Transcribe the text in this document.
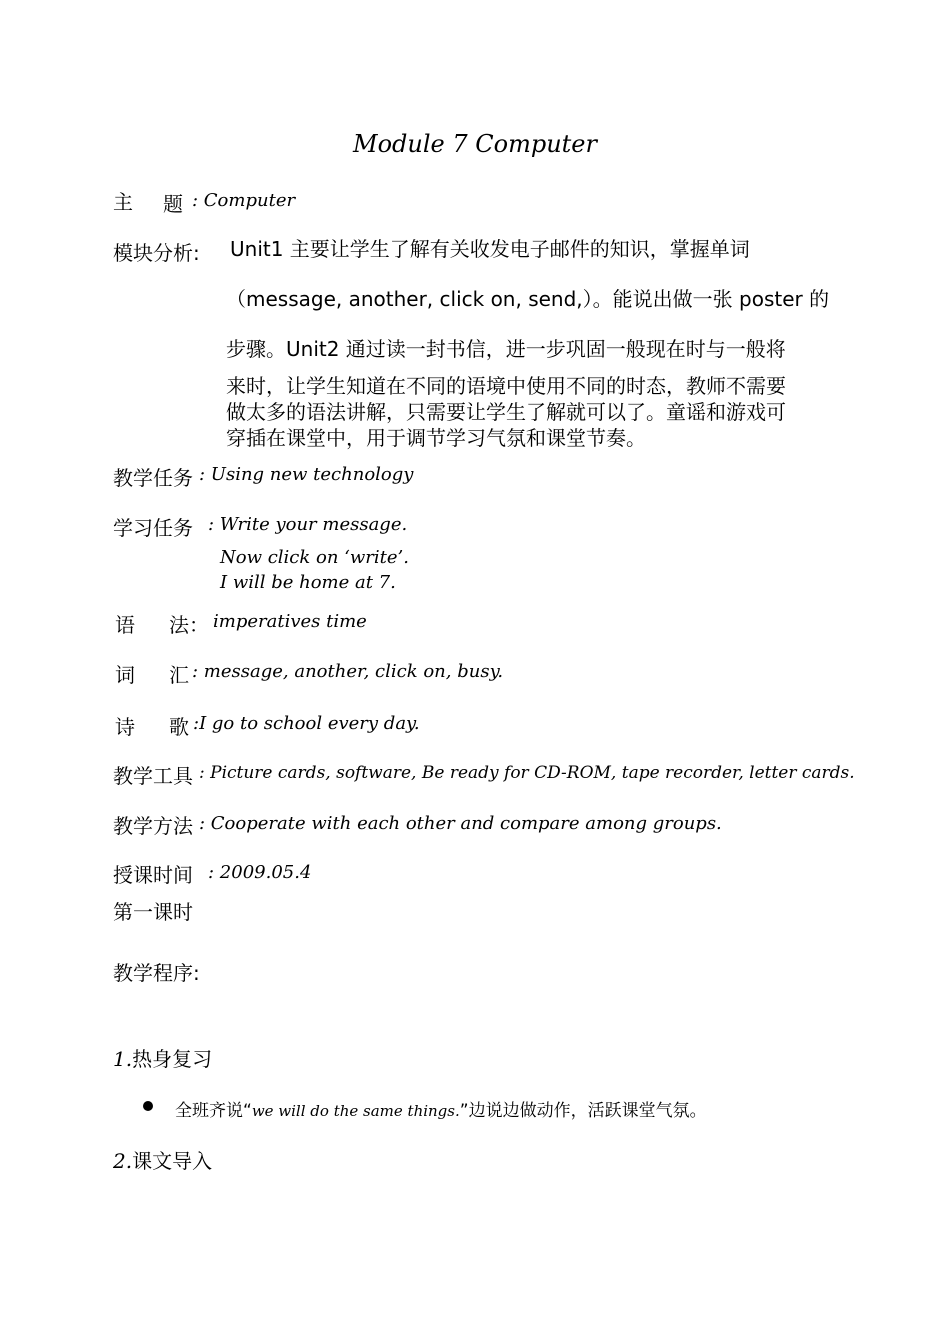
Module 7 Computer
主 题 : Computer
模块分析: Unit1 主要让学生了解有关收发电子邮件的知识，掌握单词
（message, another, click on, send,）。能说出做一张 poster 的
步骤。Unit2 通过读一封书信，进一步巩固一般现在时与一般将
来时，让学生知道在不同的语境中使用不同的时态，教师不需要
做太多的语法讲解，只需要让学生了解就可以了。童谣和游戏可
穿插在课堂中，用于调节学习气氛和课堂节奏。
教学任务 : Using new technology
学习任务 : Write your message.
Now click on ‘write’.
I will be home at 7.
语 法： imperatives time
词 汇 : message, another, click on, busy.
诗 歌 :I go to school every day.
教学工具 : Picture cards, software, Be ready for CD-ROM, tape recorder, letter cards.
教学方法 : Cooperate with each other and compare among groups.
授课时间 : 2009.05.4
第一课时
教学程序:
1.热身复习
全班齐说“we will do the same things.”边说边做动作，活跃课堂气氛。
2.课文导入
